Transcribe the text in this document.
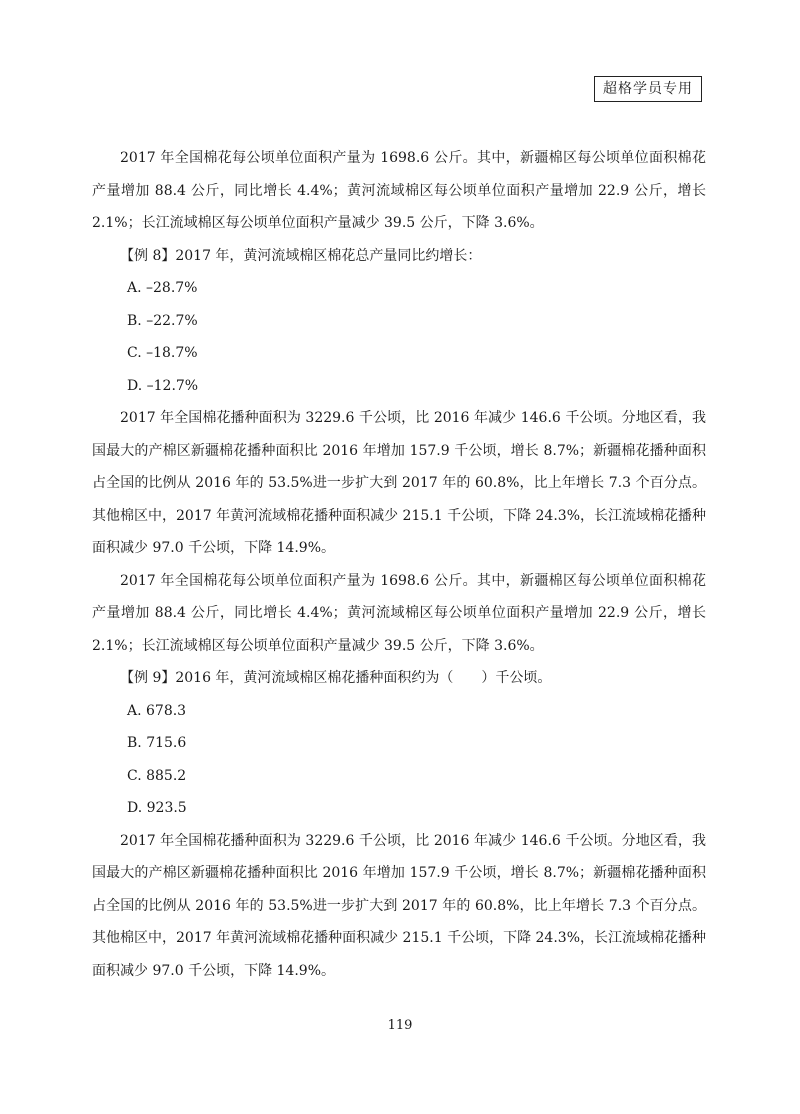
超格学员专用

2017 年全国棉花每公顷单位面积产量为 1698.6 公斤。其中，新疆棉区每公顷单位面积棉花产量增加 88.4 公斤，同比增长 4.4%；黄河流域棉区每公顷单位面积产量增加 22.9 公斤，增长 2.1%；长江流域棉区每公顷单位面积产量减少 39.5 公斤，下降 3.6%。

【例 8】2017 年，黄河流域棉区棉花总产量同比约增长：

A. –28.7%

B. –22.7%

C. –18.7%

D. –12.7%

2017 年全国棉花播种面积为 3229.6 千公顷，比 2016 年减少 146.6 千公顷。分地区看，我国最大的产棉区新疆棉花播种面积比 2016 年增加 157.9 千公顷，增长 8.7%；新疆棉花播种面积占全国的比例从 2016 年的 53.5%进一步扩大到 2017 年的 60.8%，比上年增长 7.3 个百分点。其他棉区中，2017 年黄河流域棉花播种面积减少 215.1 千公顷，下降 24.3%，长江流域棉花播种面积减少 97.0 千公顷，下降 14.9%。

2017 年全国棉花每公顷单位面积产量为 1698.6 公斤。其中，新疆棉区每公顷单位面积棉花产量增加 88.4 公斤，同比增长 4.4%；黄河流域棉区每公顷单位面积产量增加 22.9 公斤，增长 2.1%；长江流域棉区每公顷单位面积产量减少 39.5 公斤，下降 3.6%。

【例 9】2016 年，黄河流域棉区棉花播种面积约为（　　）千公顷。

A. 678.3

B. 715.6

C. 885.2

D. 923.5

2017 年全国棉花播种面积为 3229.6 千公顷，比 2016 年减少 146.6 千公顷。分地区看，我国最大的产棉区新疆棉花播种面积比 2016 年增加 157.9 千公顷，增长 8.7%；新疆棉花播种面积占全国的比例从 2016 年的 53.5%进一步扩大到 2017 年的 60.8%，比上年增长 7.3 个百分点。其他棉区中，2017 年黄河流域棉花播种面积减少 215.1 千公顷，下降 24.3%，长江流域棉花播种面积减少 97.0 千公顷，下降 14.9%。

119
